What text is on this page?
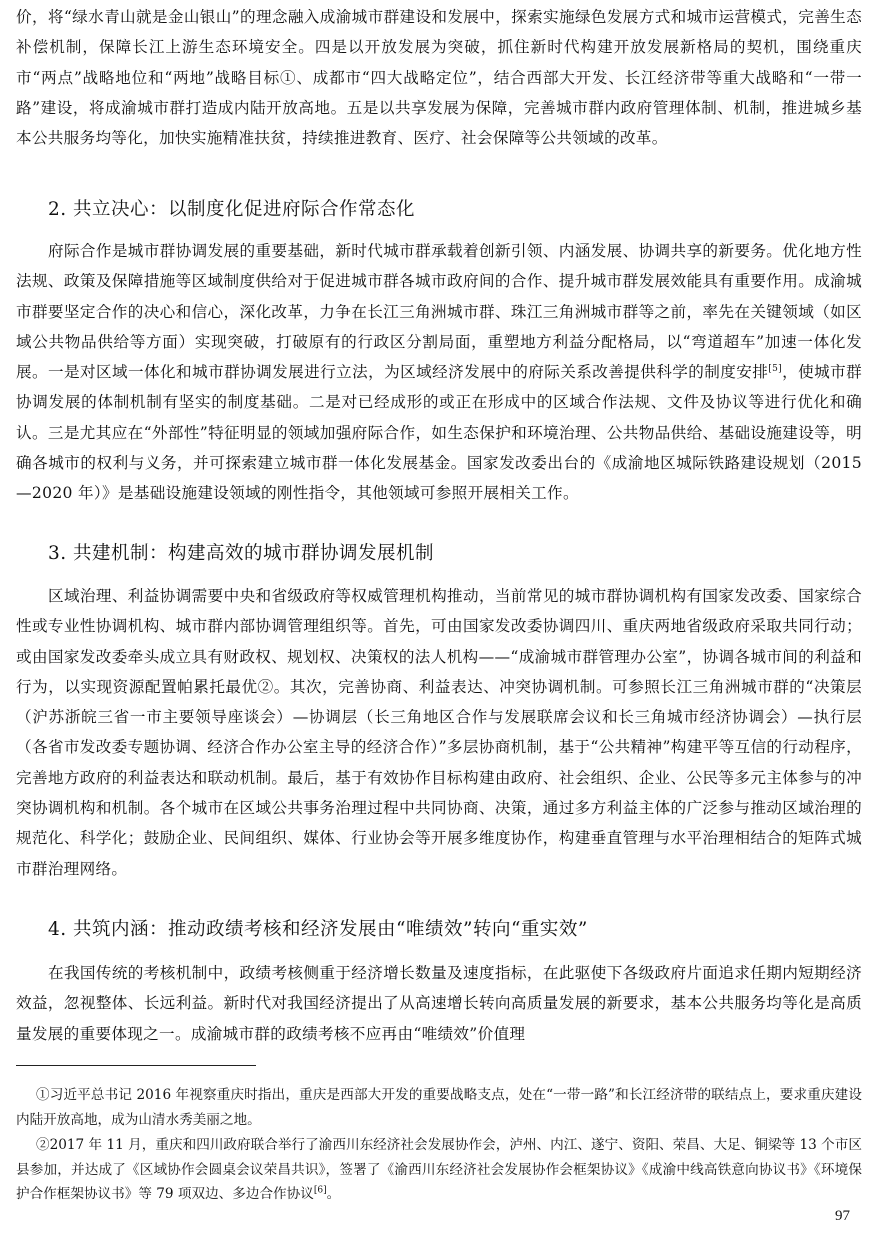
价，将“绿水青山就是金山银山”的理念融入成渝城市群建设和发展中，探索实施绿色发展方式和城市运营模式，完善生态补偿机制，保障长江上游生态环境安全。四是以开放发展为突破，抓住新时代构建开放发展新格局的契机，围绕重庆市“两点”战略地位和“两地”战略目标①、成都市“四大战略定位”，结合西部大开发、长江经济带等重大战略和“一带一路”建设，将成渝城市群打造成内陆开放高地。五是以共享发展为保障，完善城市群内政府管理体制、机制，推进城乡基本公共服务均等化，加快实施精准扶贫，持续推进教育、医疗、社会保障等公共领域的改革。

2. 共立决心：以制度化促进府际合作常态化

府际合作是城市群协调发展的重要基础，新时代城市群承载着创新引领、内涵发展、协调共享的新要务。优化地方性法规、政策及保障措施等区域制度供给对于促进城市群各城市政府间的合作、提升城市群发展效能具有重要作用。成渝城市群要坚定合作的决心和信心，深化改革，力争在长江三角洲城市群、珠江三角洲城市群等之前，率先在关键领域（如区域公共物品供给等方面）实现突破，打破原有的行政区分割局面，重塑地方利益分配格局，以“弯道超车”加速一体化发展。一是对区域一体化和城市群协调发展进行立法，为区域经济发展中的府际关系改善提供科学的制度安排[5]，使城市群协调发展的体制机制有坚实的制度基础。二是对已经成形的或正在形成中的区域合作法规、文件及协议等进行优化和确认。三是尤其应在“外部性”特征明显的领域加强府际合作，如生态保护和环境治理、公共物品供给、基础设施建设等，明确各城市的权利与义务，并可探索建立城市群一体化发展基金。国家发改委出台的《成渝地区城际铁路建设规划（2015—2020 年）》是基础设施建设领域的刚性指令，其他领域可参照开展相关工作。

3. 共建机制：构建高效的城市群协调发展机制

区域治理、利益协调需要中央和省级政府等权威管理机构推动，当前常见的城市群协调机构有国家发改委、国家综合性或专业性协调机构、城市群内部协调管理组织等。首先，可由国家发改委协调四川、重庆两地省级政府采取共同行动；或由国家发改委牵头成立具有财政权、规划权、决策权的法人机构——“成渝城市群管理办公室”，协调各城市间的利益和行为，以实现资源配置帕累托最优②。其次，完善协商、利益表达、冲突协调机制。可参照长江三角洲城市群的“决策层（沪苏浙皖三省一市主要领导座谈会）—协调层（长三角地区合作与发展联席会议和长三角城市经济协调会）—执行层（各省市发改委专题协调、经济合作办公室主导的经济合作）”多层协商机制，基于“公共精神”构建平等互信的行动程序，完善地方政府的利益表达和联动机制。最后，基于有效协作目标构建由政府、社会组织、企业、公民等多元主体参与的冲突协调机构和机制。各个城市在区域公共事务治理过程中共同协商、决策，通过多方利益主体的广泛参与推动区域治理的规范化、科学化；鼓励企业、民间组织、媒体、行业协会等开展多维度协作，构建垂直管理与水平治理相结合的矩阵式城市群治理网络。

4. 共筑内涵：推动政绩考核和经济发展由“唯绩效”转向“重实效”

在我国传统的考核机制中，政绩考核侧重于经济增长数量及速度指标，在此驱使下各级政府片面追求任期内短期经济效益，忽视整体、长远利益。新时代对我国经济提出了从高速增长转向高质量发展的新要求，基本公共服务均等化是高质量发展的重要体现之一。成渝城市群的政绩考核不应再由“唯绩效”价值理

①习近平总书记 2016 年视察重庆时指出，重庆是西部大开发的重要战略支点，处在“一带一路”和长江经济带的联结点上，要求重庆建设内陆开放高地，成为山清水秀美丽之地。

②2017 年 11 月，重庆和四川政府联合举行了渝西川东经济社会发展协作会，泸州、内江、遂宁、资阳、荣昌、大足、铜梁等 13 个市区县参加，并达成了《区域协作会圆桌会议荣昌共识》，签署了《渝西川东经济社会发展协作会框架协议》《成渝中线高铁意向协议书》《环境保护合作框架协议书》等 79 项双边、多边合作协议[6]。

97
